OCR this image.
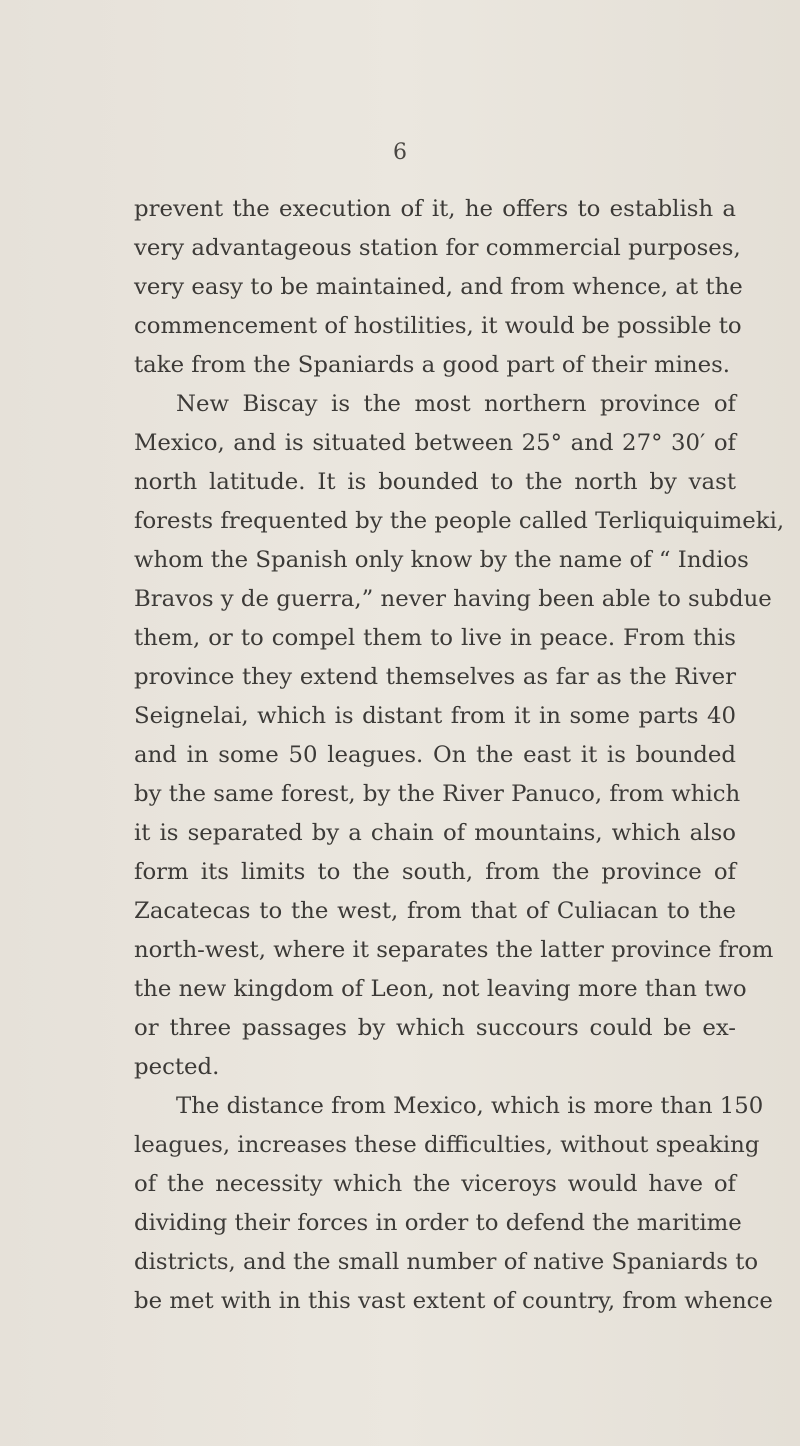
6
prevent the execution of it, he offers to establish a
very advantageous station for commercial purposes,
very easy to be maintained, and from whence, at the
commencement of hostilities, it would be possible to
take from the Spaniards a good part of their mines.
New Biscay is the most northern province of
Mexico, and is situated between 25° and 27° 30′ of
north latitude. It is bounded to the north by vast
forests frequented by the people called Terliquiquimeki,
whom the Spanish only know by the name of “ Indios
Bravos y de guerra,” never having been able to subdue
them, or to compel them to live in peace. From this
province they extend themselves as far as the River
Seignelai, which is distant from it in some parts 40
and in some 50 leagues. On the east it is bounded
by the same forest, by the River Panuco, from which
it is separated by a chain of mountains, which also
form its limits to the south, from the province of
Zacatecas to the west, from that of Culiacan to the
north-west, where it separates the latter province from
the new kingdom of Leon, not leaving more than two
or three passages by which succours could be ex-
pected.
The distance from Mexico, which is more than 150
leagues, increases these difficulties, without speaking
of the necessity which the viceroys would have of
dividing their forces in order to defend the maritime
districts, and the small number of native Spaniards to
be met with in this vast extent of country, from whence
